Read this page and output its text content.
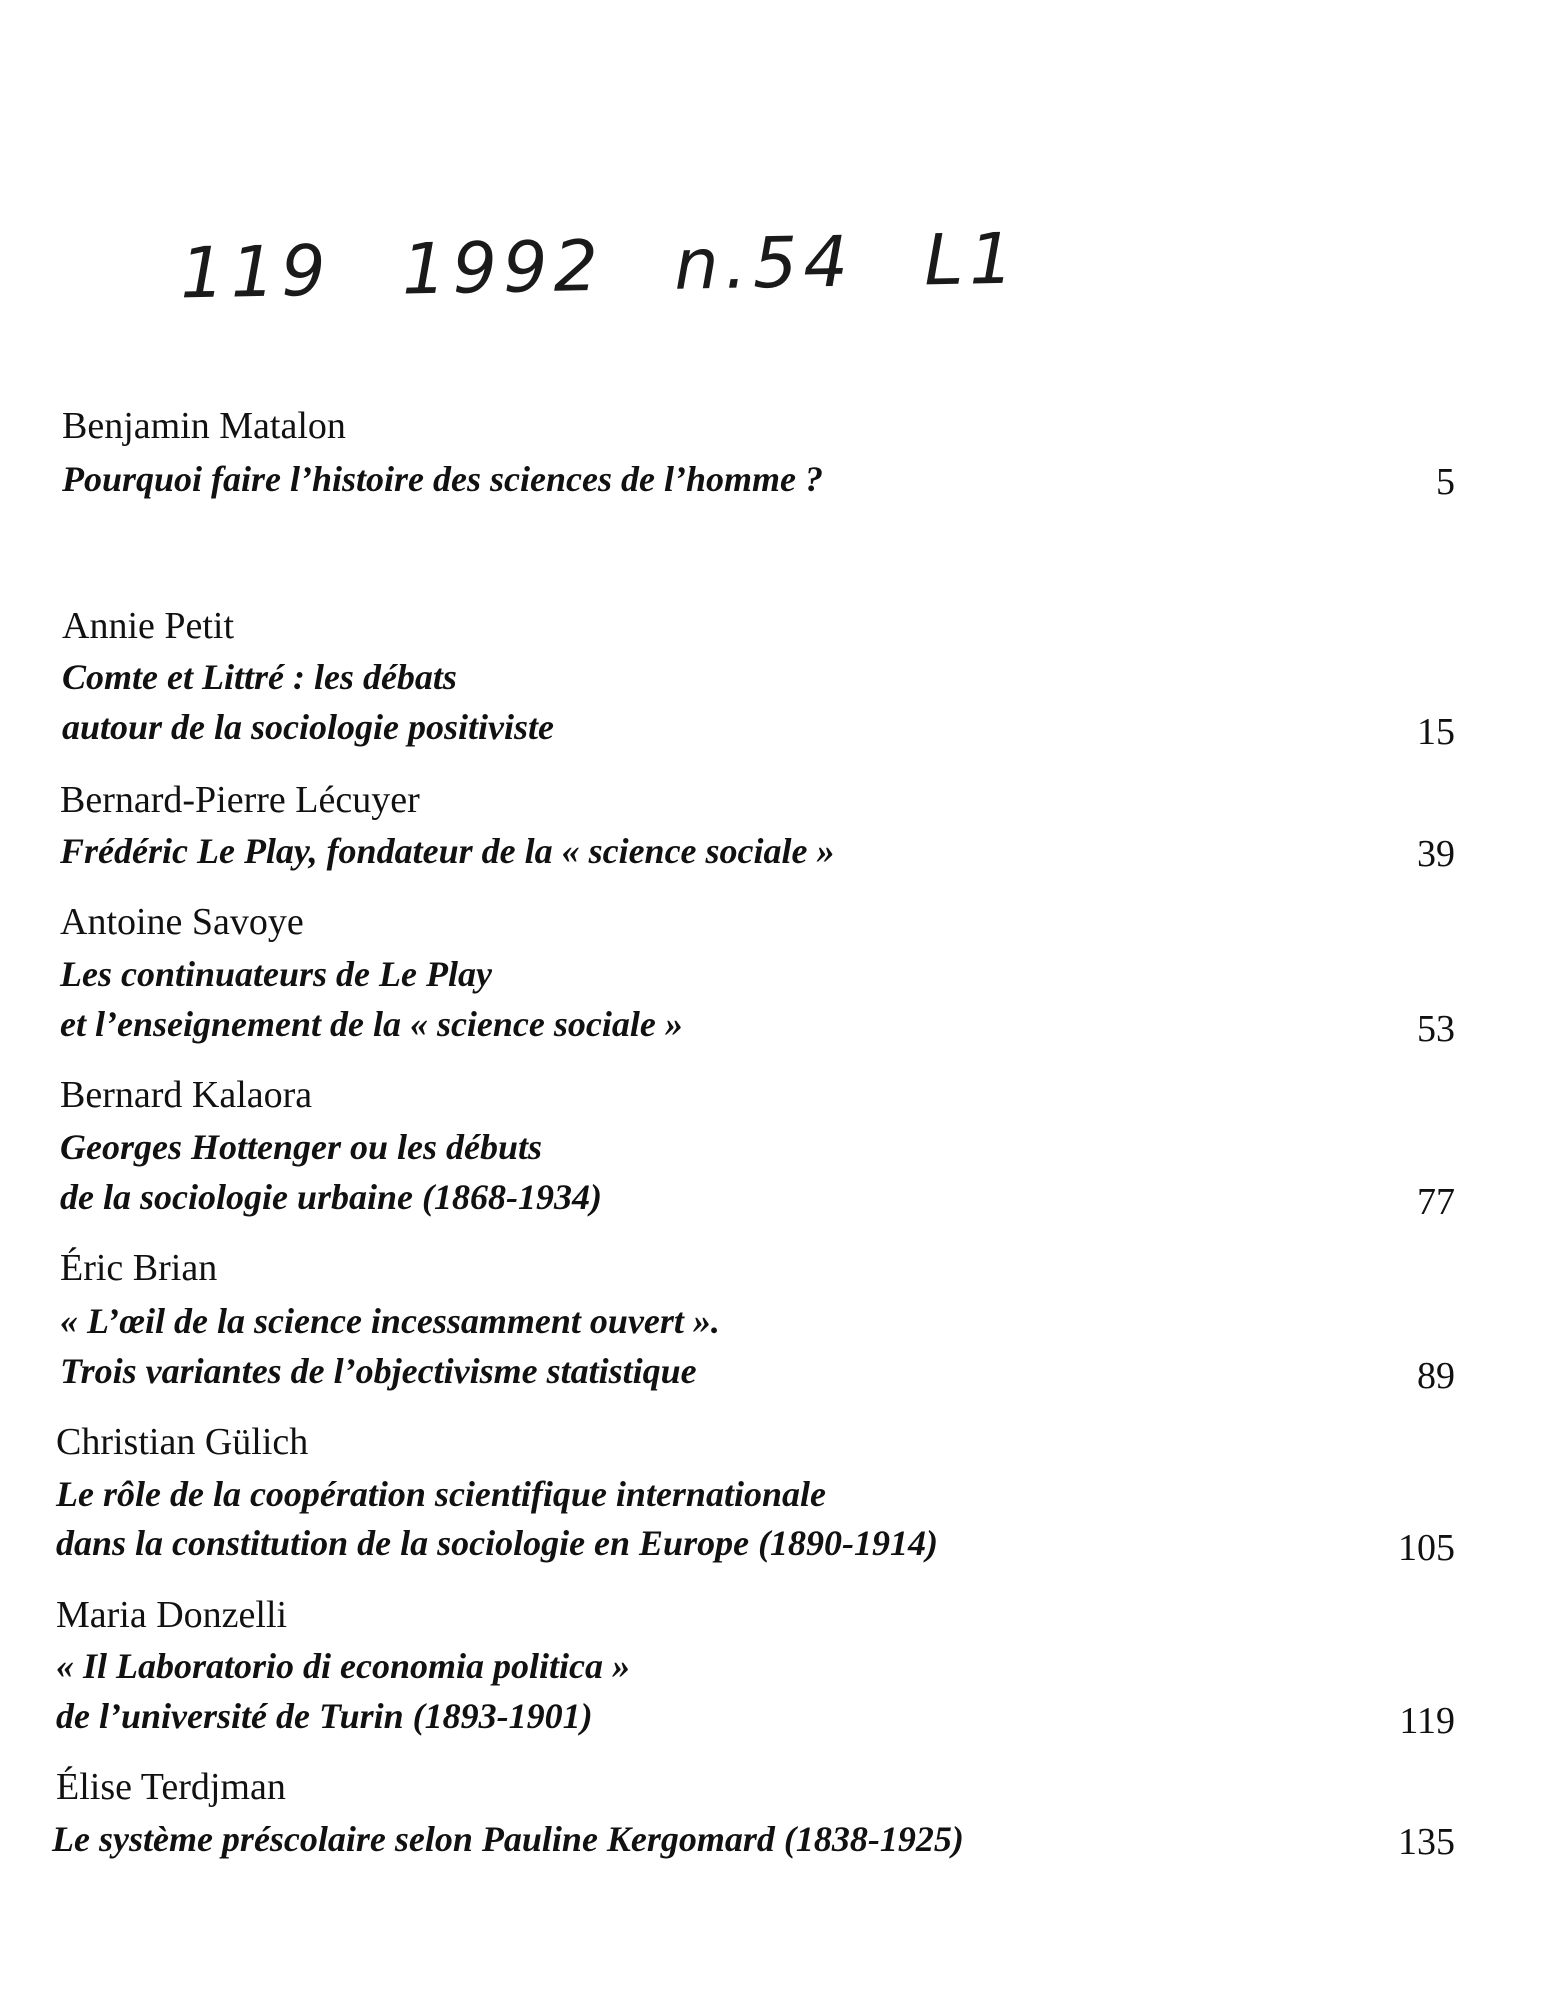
119 1992 n.54 L1
Benjamin Matalon
Pourquoi faire l’histoire des sciences de l’homme ?	5
Annie Petit
Comte et Littré : les débats
autour de la sociologie positiviste	15
Bernard-Pierre Lécuyer
Frédéric Le Play, fondateur de la « science sociale »	39
Antoine Savoye
Les continuateurs de Le Play
et l’enseignement de la « science sociale »	53
Bernard Kalaora
Georges Hottenger ou les débuts
de la sociologie urbaine (1868-1934)	77
Éric Brian
« L’œil de la science incessamment ouvert ».
Trois variantes de l’objectivisme statistique	89
Christian Gülich
Le rôle de la coopération scientifique internationale
dans la constitution de la sociologie en Europe (1890-1914)	105
Maria Donzelli
« Il Laboratorio di economia politica »
de l’université de Turin (1893-1901)	119
Élise Terdjman
Le système préscolaire selon Pauline Kergomard (1838-1925)	135
